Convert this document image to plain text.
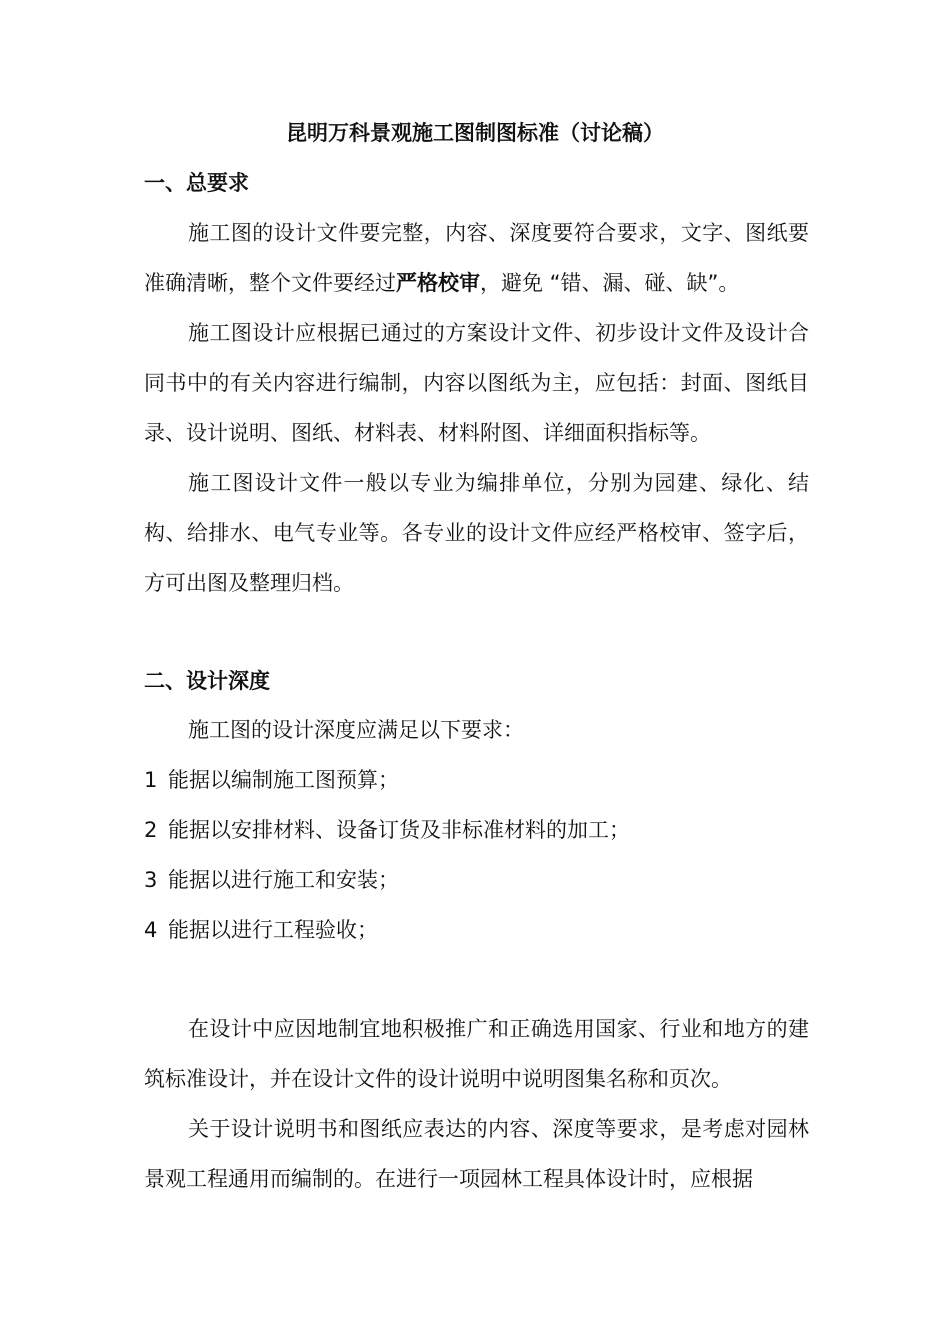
昆明万科景观施工图制图标准（讨论稿）
一、总要求

施工图的设计文件要完整，内容、深度要符合要求，文字、图纸要准确清晰，整个文件要经过严格校审，避免 “错、漏、碰、缺”。

施工图设计应根据已通过的方案设计文件、初步设计文件及设计合同书中的有关内容进行编制，内容以图纸为主，应包括：封面、图纸目录、设计说明、图纸、材料表、材料附图、详细面积指标等。

施工图设计文件一般以专业为编排单位，分别为园建、绿化、结构、给排水、电气专业等。各专业的设计文件应经严格校审、签字后，方可出图及整理归档。

二、设计深度
施工图的设计深度应满足以下要求：
1 能据以编制施工图预算；
2 能据以安排材料、设备订货及非标准材料的加工；
3 能据以进行施工和安装；
4 能据以进行工程验收；

在设计中应因地制宜地积极推广和正确选用国家、行业和地方的建筑标准设计，并在设计文件的设计说明中说明图集名称和页次。

关于设计说明书和图纸应表达的内容、深度等要求，是考虑对园林景观工程通用而编制的。在进行一项园林工程具体设计时，应根据
